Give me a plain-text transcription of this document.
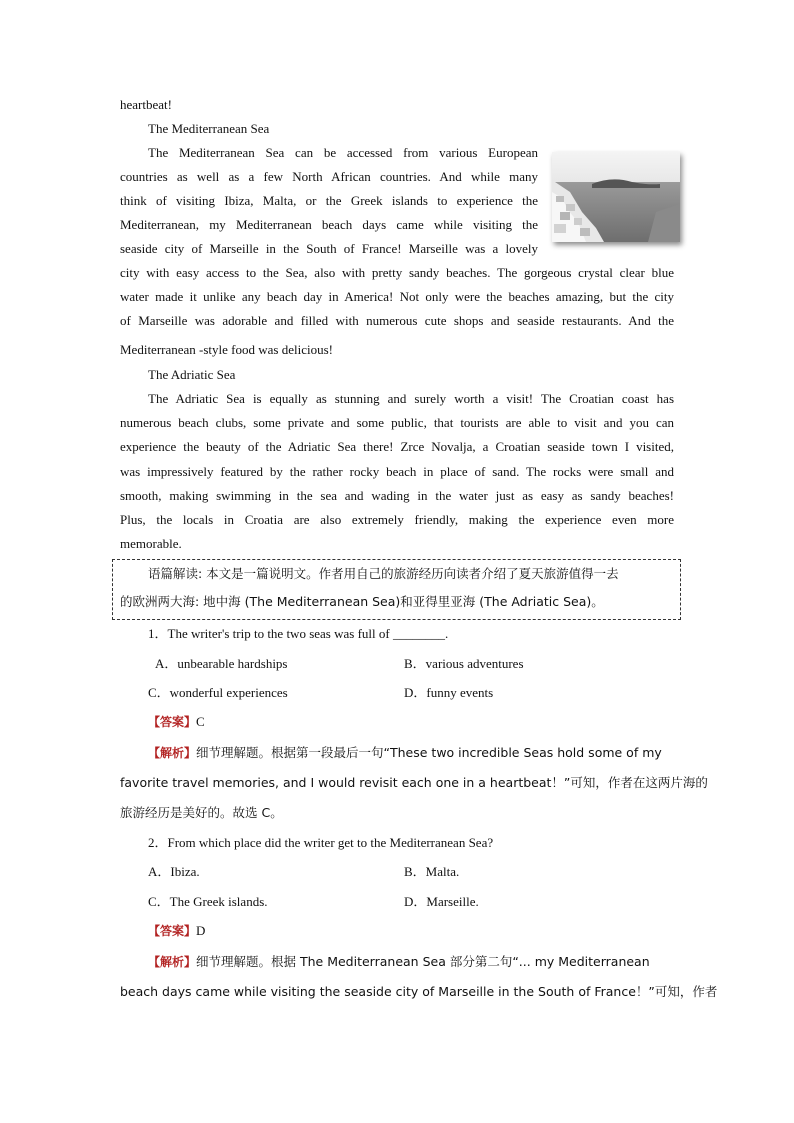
heartbeat!
The Mediterranean Sea
The Mediterranean Sea can be accessed from various European
countries as well as a few North African countries. And while many
think of visiting Ibiza, Malta, or the Greek islands to experience the
Mediterranean, my Mediterranean beach days came while visiting the
seaside city of Marseille in the South of France! Marseille was a lovely
city with easy access to the Sea, also with pretty sandy beaches. The gorgeous crystal clear blue
water made it unlike any beach day in America! Not only were the beaches amazing, but the city
of Marseille was adorable and filled with numerous cute shops and seaside restaurants. And the
Mediterranean -style food was delicious!
The Adriatic Sea
The Adriatic Sea is equally as stunning and surely worth a visit! The Croatian coast has
numerous beach clubs, some private and some public, that tourists are able to visit and you can
experience the beauty of the Adriatic Sea there! Zrce Novalja, a Croatian seaside town I visited,
was impressively featured by the rather rocky beach in place of sand. The rocks were small and
smooth, making swimming in the sea and wading in the water just as easy as sandy beaches!
Plus, the locals in Croatia are also extremely friendly, making the experience even more
memorable.
语篇解读: 本文是一篇说明文。作者用自己的旅游经历向读者介绍了夏天旅游值得一去
的欧洲两大海: 地中海 (The Mediterranean Sea)和亚得里亚海 (The Adriatic Sea)。
1．The writer's trip to the two seas was full of ________.
A．unbearable hardships	B．various adventures
C．wonderful experiences	D．funny events
【答案】C
【解析】细节理解题。根据第一段最后一句“These two incredible Seas hold some of my
favorite travel memories, and I would revisit each one in a heartbeat！”可知，作者在这两片海的
旅游经历是美好的。故选 C。
2．From which place did the writer get to the Mediterranean Sea?
A．Ibiza.	B．Malta.
C．The Greek islands.	D．Marseille.
【答案】D
【解析】细节理解题。根据 The Mediterranean Sea 部分第二句“... my Mediterranean
beach days came while visiting the seaside city of Marseille in the South of France！”可知，作者
